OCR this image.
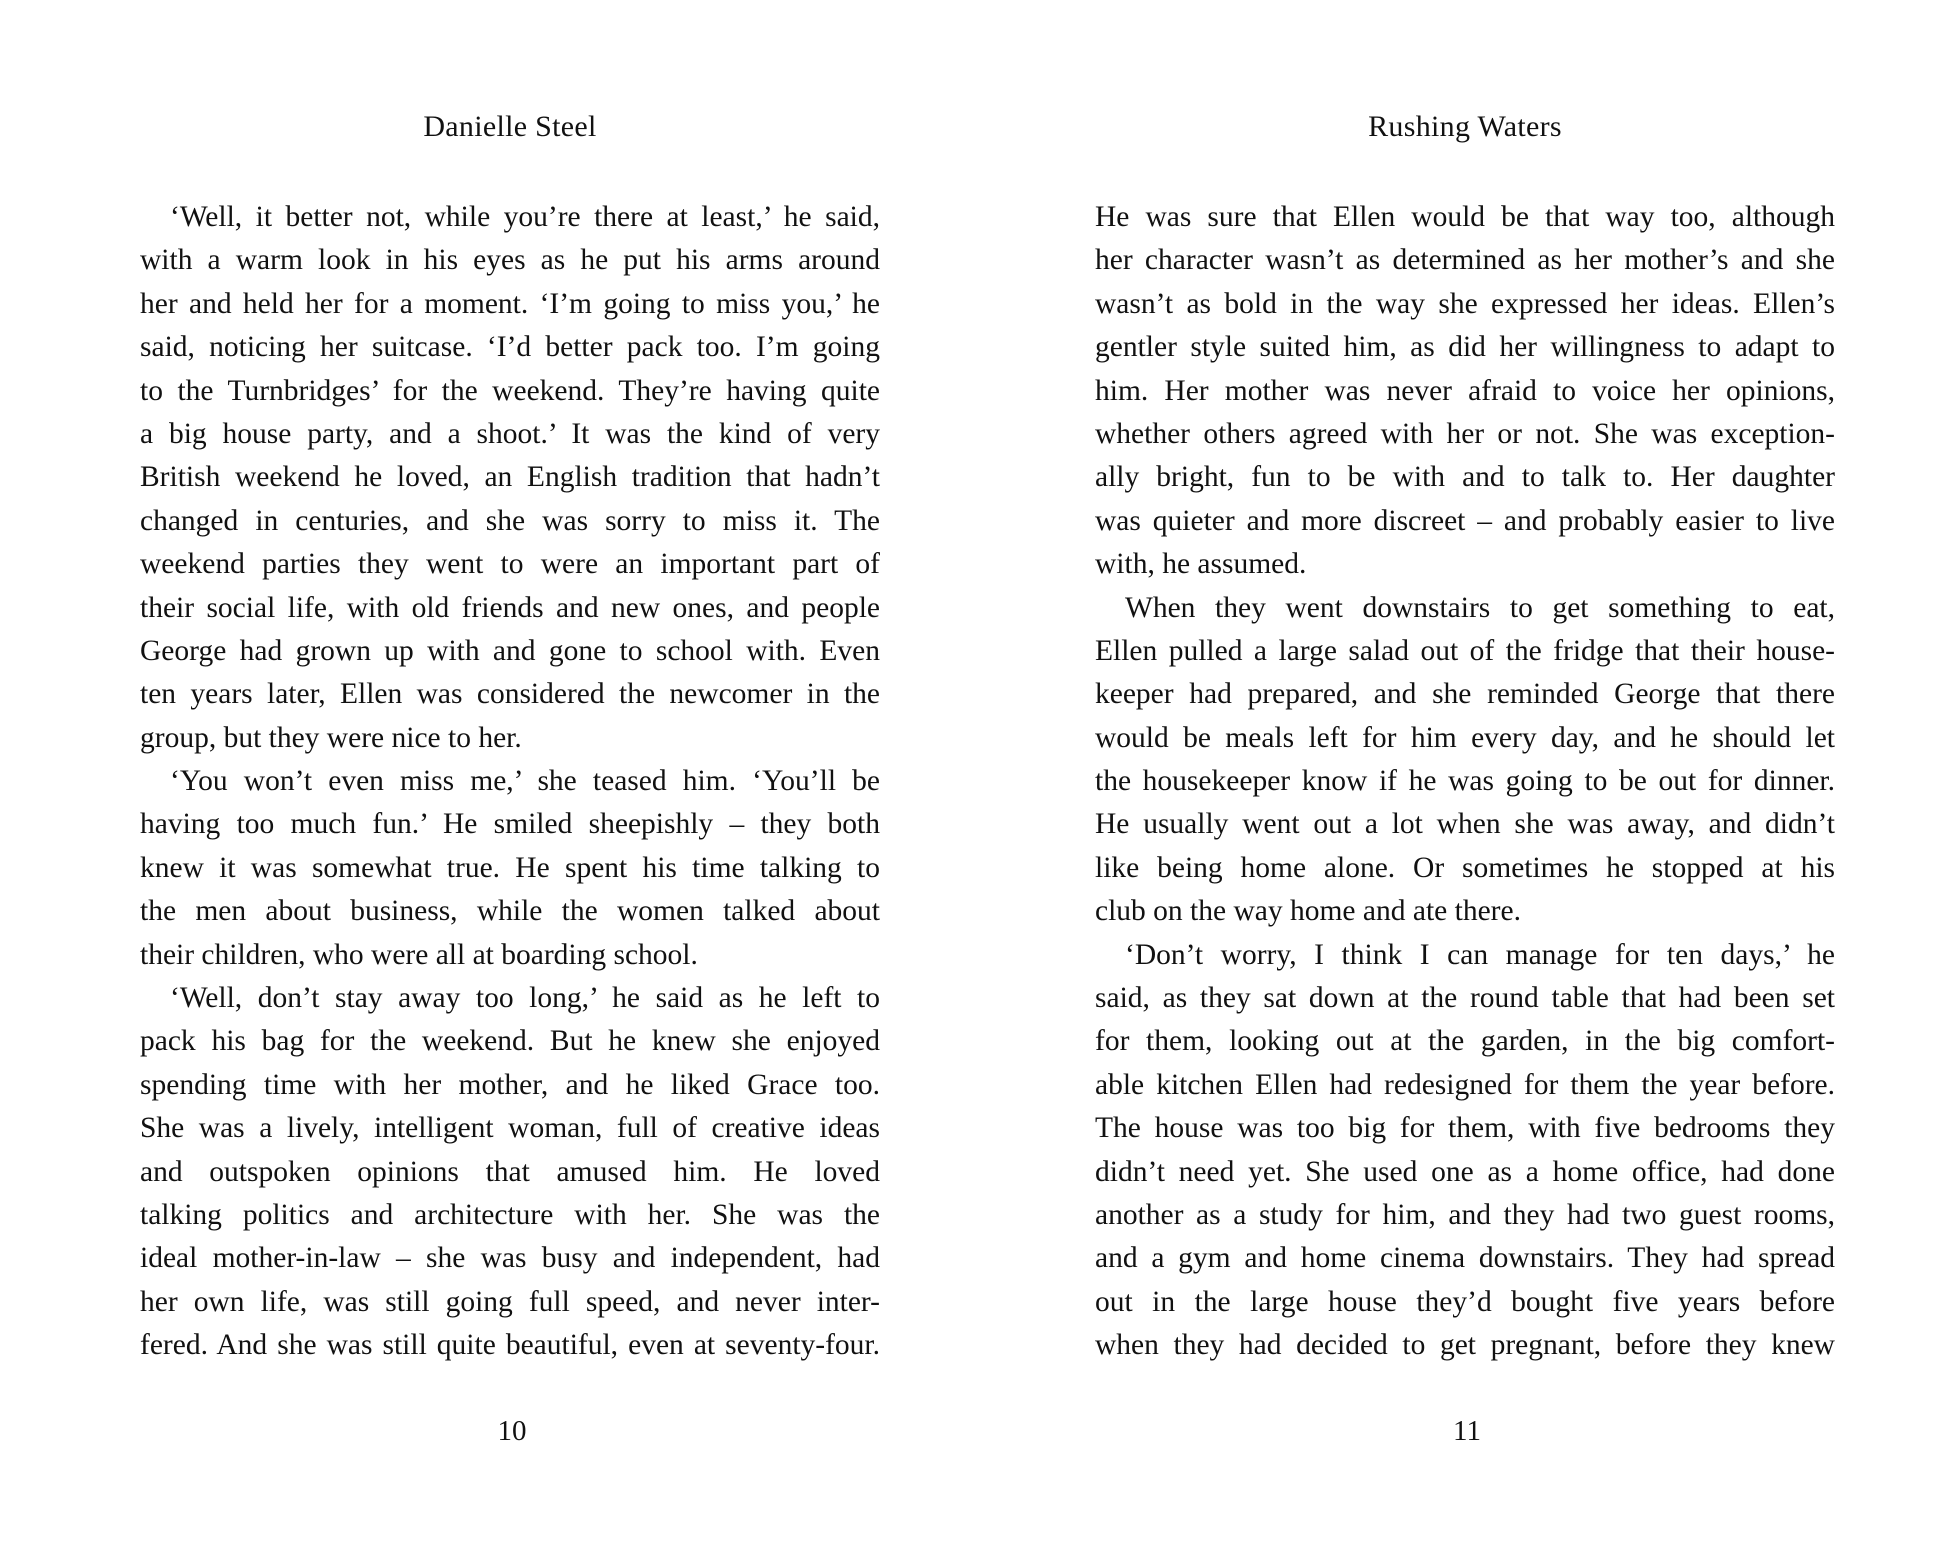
Danielle Steel
‘Well, it better not, while you’re there at least,’ he said,
with a warm look in his eyes as he put his arms around
her and held her for a moment. ‘I’m going to miss you,’ he
said, noticing her suitcase. ‘I’d better pack too. I’m going
to the Turnbridges’ for the weekend. They’re having quite
a big house party, and a shoot.’ It was the kind of very
British weekend he loved, an English tradition that hadn’t
changed in centuries, and she was sorry to miss it. The
weekend parties they went to were an important part of
their social life, with old friends and new ones, and people
George had grown up with and gone to school with. Even
ten years later, Ellen was considered the newcomer in the
group, but they were nice to her.
‘You won’t even miss me,’ she teased him. ‘You’ll be
having too much fun.’ He smiled sheepishly – they both
knew it was somewhat true. He spent his time talking to
the men about business, while the women talked about
their children, who were all at boarding school.
‘Well, don’t stay away too long,’ he said as he left to
pack his bag for the weekend. But he knew she enjoyed
spending time with her mother, and he liked Grace too.
She was a lively, intelligent woman, full of creative ideas
and outspoken opinions that amused him. He loved
talking politics and architecture with her. She was the
ideal mother-in-law – she was busy and independent, had
her own life, was still going full speed, and never inter-
fered. And she was still quite beautiful, even at seventy-four.
10
Rushing Waters
He was sure that Ellen would be that way too, although
her character wasn’t as determined as her mother’s and she
wasn’t as bold in the way she expressed her ideas. Ellen’s
gentler style suited him, as did her willingness to adapt to
him. Her mother was never afraid to voice her opinions,
whether others agreed with her or not. She was exception-
ally bright, fun to be with and to talk to. Her daughter
was quieter and more discreet – and probably easier to live
with, he assumed.
When they went downstairs to get something to eat,
Ellen pulled a large salad out of the fridge that their house-
keeper had prepared, and she reminded George that there
would be meals left for him every day, and he should let
the housekeeper know if he was going to be out for dinner.
He usually went out a lot when she was away, and didn’t
like being home alone. Or sometimes he stopped at his
club on the way home and ate there.
‘Don’t worry, I think I can manage for ten days,’ he
said, as they sat down at the round table that had been set
for them, looking out at the garden, in the big comfort-
able kitchen Ellen had redesigned for them the year before.
The house was too big for them, with five bedrooms they
didn’t need yet. She used one as a home office, had done
another as a study for him, and they had two guest rooms,
and a gym and home cinema downstairs. They had spread
out in the large house they’d bought five years before
when they had decided to get pregnant, before they knew
11
